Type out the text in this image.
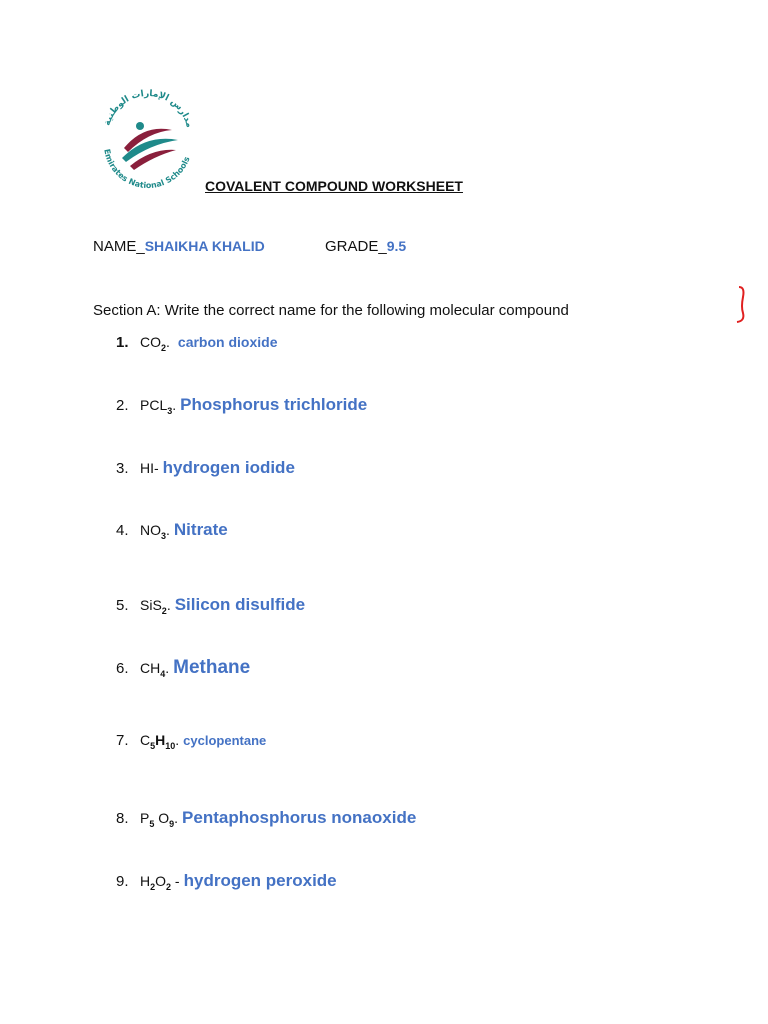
مدارس الإمارات الوطنية
Emirates National Schools
COVALENT COMPOUND WORKSHEET
NAME_SHAIKHA KHALID	GRADE_9.5
Section A: Write the correct name for the following molecular compound
1. $CO_2$. carbon dioxide
2. $PCL_3$. Phosphorus trichloride
3. HI- hydrogen iodide
4. $NO_3$. Nitrate
5. SiS$_2$. Silicon disulfide
6. $CH_4$. Methane
7. $C_5H_{10}$. cyclopentane
8. $P_5$ $O_9$. Pentaphosphorus nonaoxide
9. $H_2O_2$ - hydrogen peroxide
